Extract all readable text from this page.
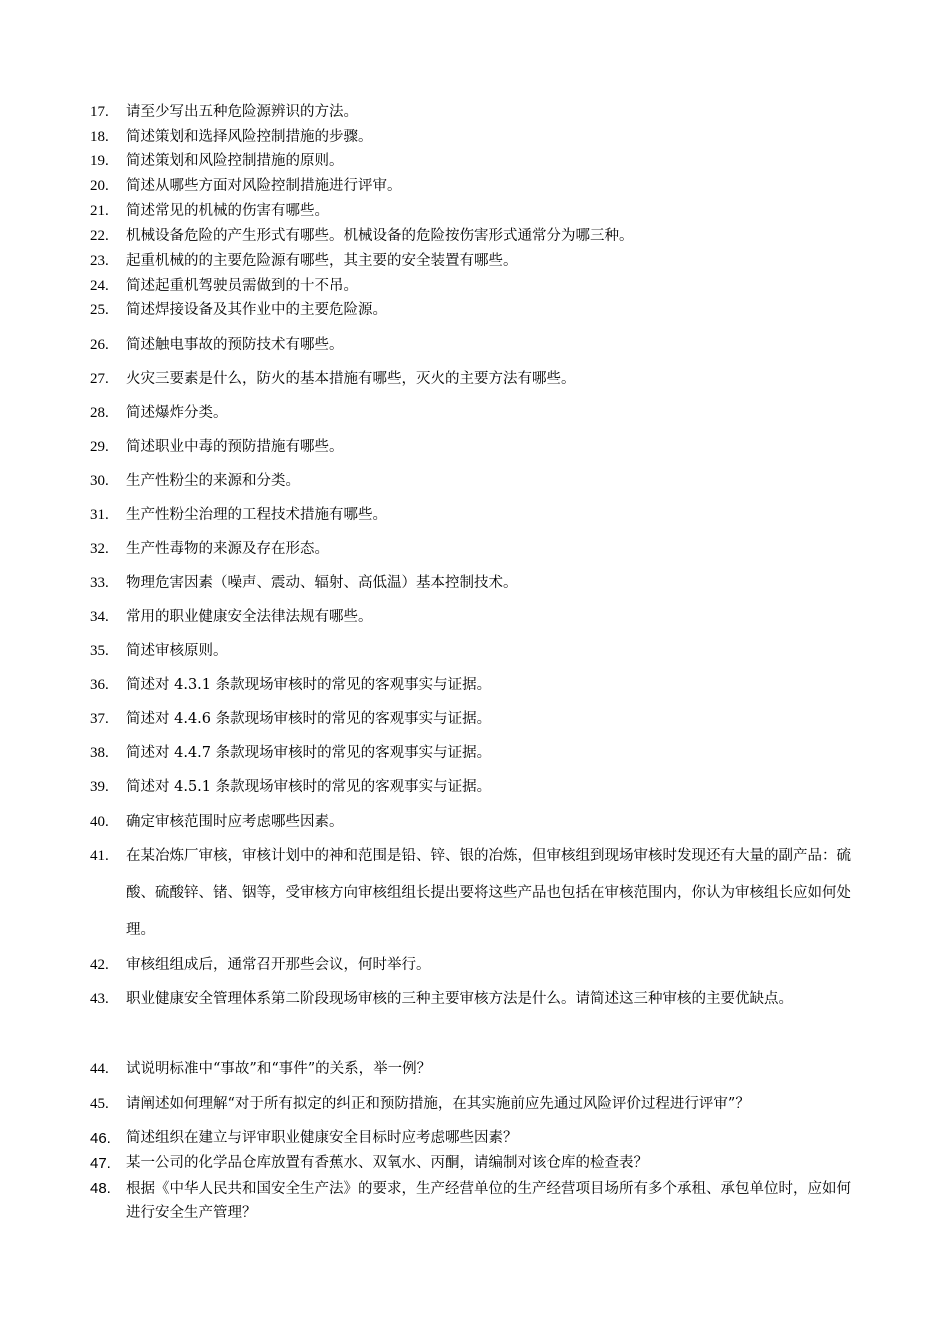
17.	请至少写出五种危险源辨识的方法。
18.	简述策划和选择风险控制措施的步骤。
19.	简述策划和风险控制措施的原则。
20.	简述从哪些方面对风险控制措施进行评审。
21.	简述常见的机械的伤害有哪些。
22.	机械设备危险的产生形式有哪些。机械设备的危险按伤害形式通常分为哪三种。
23.	起重机械的的主要危险源有哪些，其主要的安全装置有哪些。
24.	简述起重机驾驶员需做到的十不吊。
25.	简述焊接设备及其作业中的主要危险源。
26.	简述触电事故的预防技术有哪些。
27.	火灾三要素是什么，防火的基本措施有哪些，灭火的主要方法有哪些。
28.	简述爆炸分类。
29.	简述职业中毒的预防措施有哪些。
30.	生产性粉尘的来源和分类。
31.	生产性粉尘治理的工程技术措施有哪些。
32.	生产性毒物的来源及存在形态。
33.	物理危害因素（噪声、震动、辐射、高低温）基本控制技术。
34.	常用的职业健康安全法律法规有哪些。
35.	简述审核原则。
36.	简述对 4.3.1 条款现场审核时的常见的客观事实与证据。
37.	简述对 4.4.6 条款现场审核时的常见的客观事实与证据。
38.	简述对 4.4.7 条款现场审核时的常见的客观事实与证据。
39.	简述对 4.5.1 条款现场审核时的常见的客观事实与证据。
40.	确定审核范围时应考虑哪些因素。
41.	在某冶炼厂审核，审核计划中的神和范围是铅、锌、银的冶炼，但审核组到现场审核时发现还有大量的副产品：硫酸、硫酸锌、锗、铟等，受审核方向审核组组长提出要将这些产品也包括在审核范围内，你认为审核组长应如何处理。
42.	审核组组成后，通常召开那些会议，何时举行。
43.	职业健康安全管理体系第二阶段现场审核的三种主要审核方法是什么。请简述这三种审核的主要优缺点。
44.	试说明标准中“事故”和“事件”的关系，举一例？
45.	请阐述如何理解“对于所有拟定的纠正和预防措施，在其实施前应先通过风险评价过程进行评审”？
46.	简述组织在建立与评审职业健康安全目标时应考虑哪些因素？
47.	某一公司的化学品仓库放置有香蕉水、双氧水、丙酮，请编制对该仓库的检查表？
48.	根据《中华人民共和国安全生产法》的要求，生产经营单位的生产经营项目场所有多个承租、承包单位时，应如何进行安全生产管理？
